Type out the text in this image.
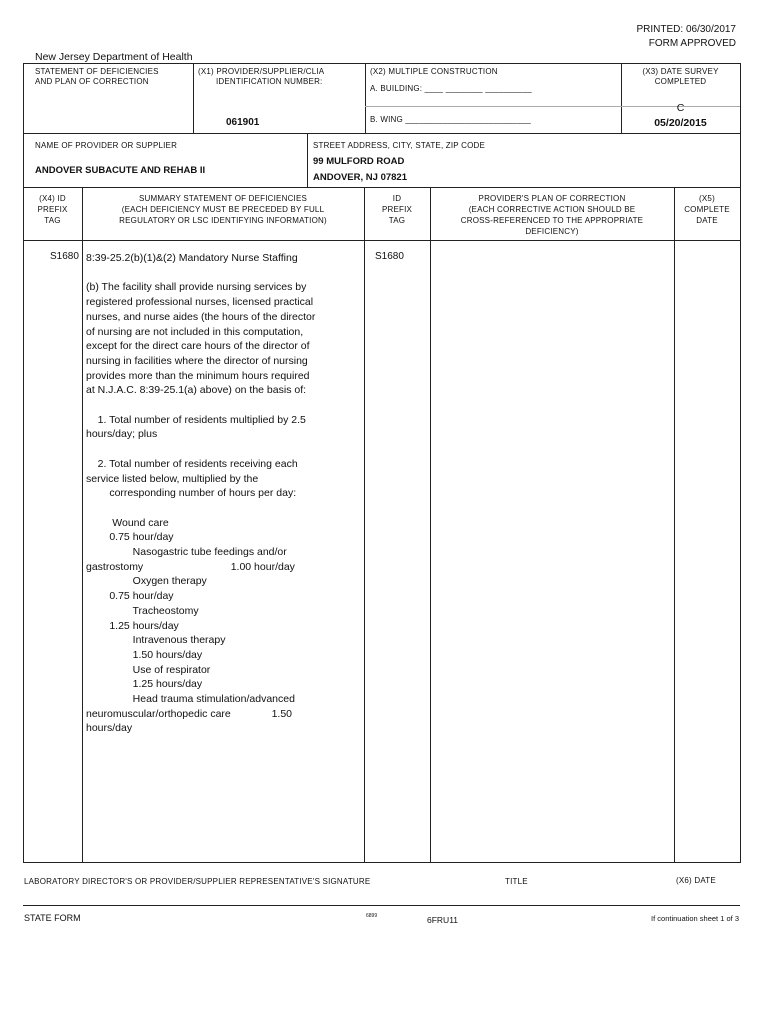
PRINTED: 06/30/2017
FORM APPROVED
New Jersey Department of Health
STATEMENT OF DEFICIENCIES
AND PLAN OF CORRECTION
(X1) PROVIDER/SUPPLIER/CLIA
IDENTIFICATION NUMBER:
061901
(X2) MULTIPLE CONSTRUCTION
A. BUILDING: ____ ________ __________
B. WING ___________________________
(X3) DATE SURVEY
COMPLETED
C
05/20/2015
NAME OF PROVIDER OR SUPPLIER
ANDOVER SUBACUTE AND REHAB II
STREET ADDRESS, CITY, STATE, ZIP CODE
99 MULFORD ROAD
ANDOVER, NJ 07821
(X4) ID
PREFIX
TAG
SUMMARY STATEMENT OF DEFICIENCIES
(EACH DEFICIENCY MUST BE PRECEDED BY FULL
REGULATORY OR LSC IDENTIFYING INFORMATION)
ID
PREFIX
TAG
PROVIDER'S PLAN OF CORRECTION
(EACH CORRECTIVE ACTION SHOULD BE
CROSS-REFERENCED TO THE APPROPRIATE
DEFICIENCY)
(X5)
COMPLETE
DATE
S1680	S1680
8:39-25.2(b)(1)&(2) Mandatory Nurse Staffing
(b) The facility shall provide nursing services by
registered professional nurses, licensed practical
nurses, and nurse aides (the hours of the director
of nursing are not included in this computation,
except for the direct care hours of the director of
nursing in facilities where the director of nursing
provides more than the minimum hours required
at N.J.A.C. 8:39-25.1(a) above) on the basis of:
1. Total number of residents multiplied by 2.5
hours/day; plus
2. Total number of residents receiving each
service listed below, multiplied by the
corresponding number of hours per day:
Wound care
0.75 hour/day
Nasogastric tube feedings and/or
gastrostomy                              1.00 hour/day
Oxygen therapy
0.75 hour/day
Tracheostomy
1.25 hours/day
Intravenous therapy
1.50 hours/day
Use of respirator
1.25 hours/day
Head trauma stimulation/advanced
neuromuscular/orthopedic care              1.50
hours/day
LABORATORY DIRECTOR'S OR PROVIDER/SUPPLIER REPRESENTATIVE'S SIGNATURE	TITLE	(X6) DATE
STATE FORM	6899	6FRU11	If continuation sheet 1 of 3
